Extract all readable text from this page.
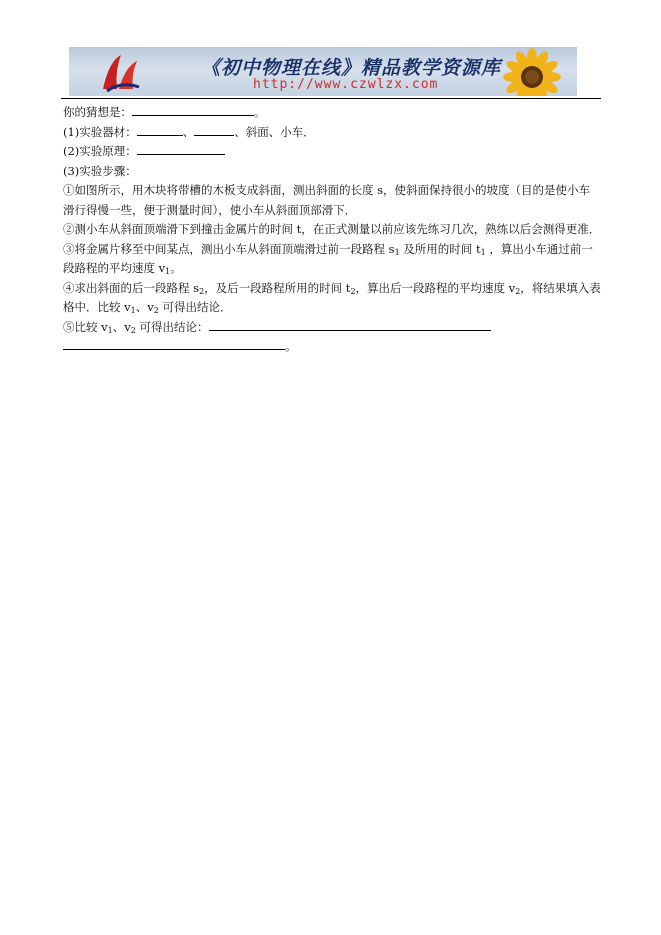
《初中物理在线》精品教学资源库
http://www.czwlzx.com
你的猜想是：	。
(1)实验器材：	、	、斜面、小车．
(2)实验原理：
(3)实验步骤：
①如图所示，用木块将带槽的木板支成斜面，测出斜面的长度 s，使斜面保持很小的坡度（目的是使小车
滑行得慢一些，便于测量时间），使小车从斜面顶部滑下．
②测小车从斜面顶端滑下到撞击金属片的时间 t，在正式测量以前应该先练习几次，熟练以后会测得更准．
③将金属片移至中间某点，测出小车从斜面顶端滑过前一段路程 $s_1$ 及所用的时间 $t_1$ ，算出小车通过前一
段路程的平均速度 $v_1$。
④求出斜面的后一段路程 $s_2$，及后一段路程所用的时间 $t_2$，算出后一段路程的平均速度 $v_2$，将结果填入表
格中．比较 $v_1$、$v_2$ 可得出结论．
⑤比较 $v_1$、$v_2$ 可得出结论：
。
